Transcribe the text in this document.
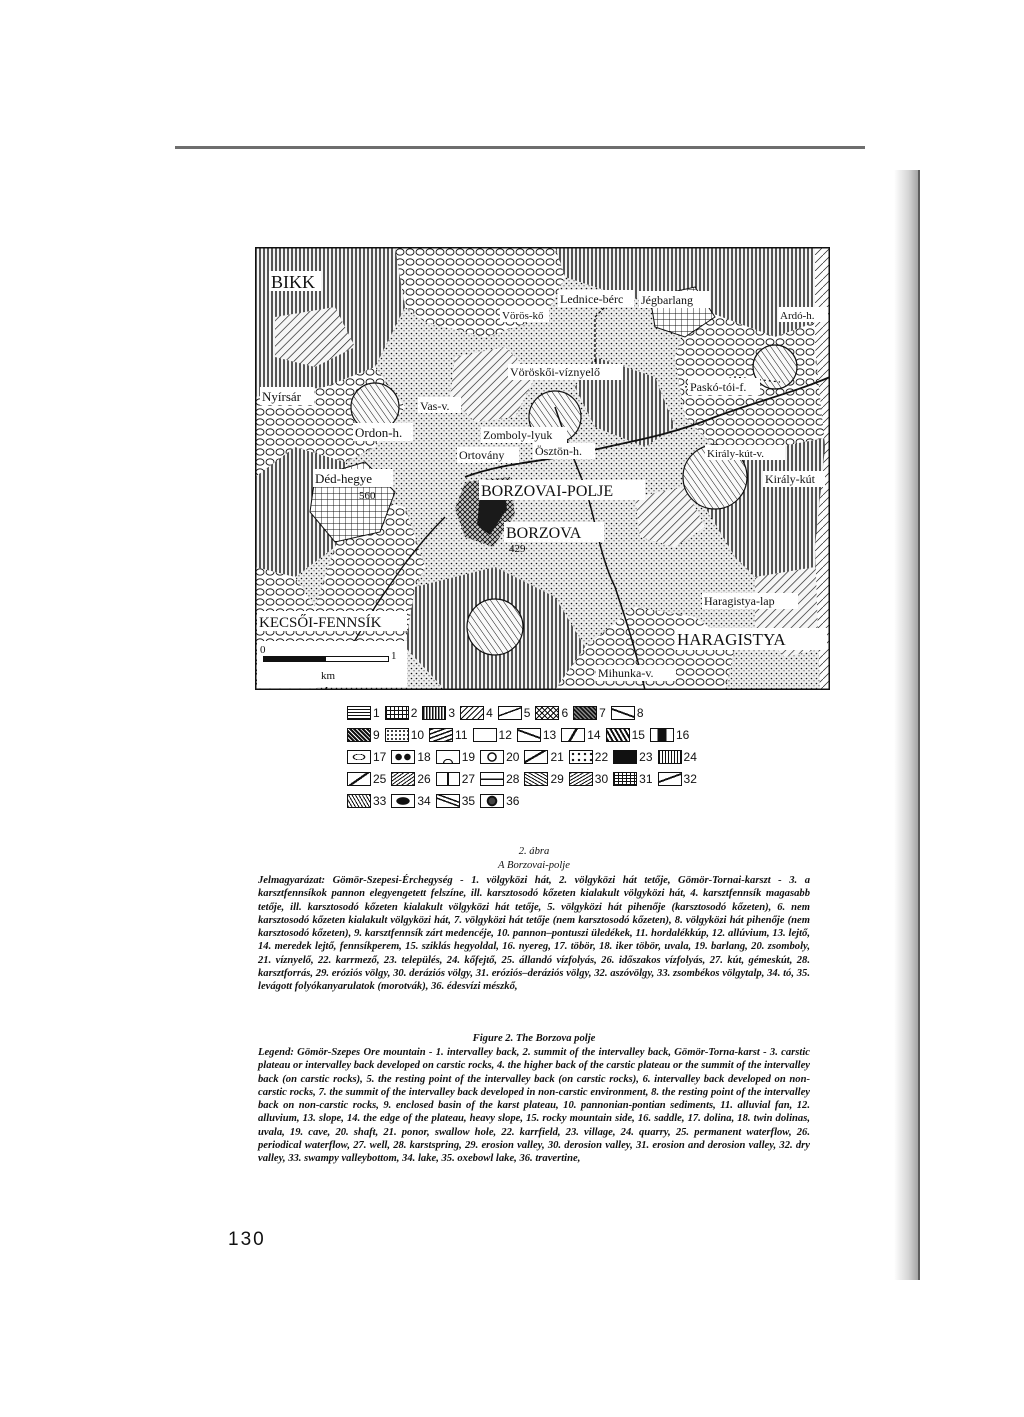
BIKK
Lednice-bérc Jégbarlang
Ardó-h.
Vörös-kő
Vöröskői-víznyelő
Paskó-tói-f.
Nyírsár
Vas-v.
Ordon-h.	Zomboly-lyuk
Ortovány	Ösztön-h.	Király-kút-v.
Király-kút
Déd-hegye
560	BORZOVAI-POLJE
BORZOVA
429
Haragistya-lap
HARAGISTYA
KECSŐI-FENNSÍK
Mihunka-v.
0	1
km
1	2	3	4	5	6	7	8
9	10	11	12	13	14	15	16
17	18	19	20	21	22	23	24
25	26	27	28	29	30	31	32
33	34	35	36
2. ábra
A Borzovai-polje
Jelmagyarázat: Gömör-Szepesi-Érchegység - 1. völgyközi hát, 2. völgyközi hát tetője, Gömör-Tornai-karszt - 3. a karsztfennsíkok pannon elegyengetett felszíne, ill. karsztosodó kőzeten kialakult völgyközi hát, 4. karsztfennsík magasabb tetője, ill. karsztosodó kőzeten kialakult völgyközi hát tetője, 5. völgyközi hát pihenője (karsztosodó kőzeten), 6. nem karsztosodó kőzeten kialakult völgyközi hát, 7. völgyközi hát tetője (nem karsztosodó kőzeten), 8. völgyközi hát pihenője (nem karsztosodó kőzeten), 9. karsztfennsík zárt medencéje, 10. pannon–pontuszi üledékek, 11. hordalékkúp, 12. allúvium, 13. lejtő, 14. meredek lejtő, fennsíkperem, 15. sziklás hegyoldal, 16. nyereg, 17. töbör, 18. iker töbör, uvala, 19. barlang, 20. zsomboly, 21. víznyelő, 22. karrmező, 23. település, 24. kőfejtő, 25. állandó vízfolyás, 26. időszakos vízfolyás, 27. kút, gémeskút, 28. karsztforrás, 29. eróziós völgy, 30. deráziós völgy, 31. eróziós–deráziós völgy, 32. aszóvölgy, 33. zsombékos völgytalp, 34. tó, 35. levágott folyókanyarulatok (morotvák), 36. édesvízi mészkő,
Figure 2. The Borzova polje
Legend: Gömör-Szepes Ore mountain - 1. intervalley back, 2. summit of the intervalley back, Gömör-Torna-karst - 3. carstic plateau or intervalley back developed on carstic rocks, 4. the higher back of the carstic plateau or the summit of the intervalley back (on carstic rocks), 5. the resting point of the intervalley back (on carstic rocks), 6. intervalley back developed on non-carstic rocks, 7. the summit of the intervalley back developed in non-carstic environment, 8. the resting point of the intervalley back on non-carstic rocks, 9. enclosed basin of the karst plateau, 10. pannonian-pontian sediments, 11. alluvial fan, 12. alluvium, 13. slope, 14. the edge of the plateau, heavy slope, 15. rocky mountain side, 16. saddle, 17. dolina, 18. twin dolinas, uvala, 19. cave, 20. shaft, 21. ponor, swallow hole, 22. karrfield, 23. village, 24. quarry, 25. permanent waterflow, 26. periodical waterflow, 27. well, 28. karstspring, 29. erosion valley, 30. derosion valley, 31. erosion and derosion valley, 32. dry valley, 33. swampy valleybottom, 34. lake, 35. oxebowl lake, 36. travertine,
130
